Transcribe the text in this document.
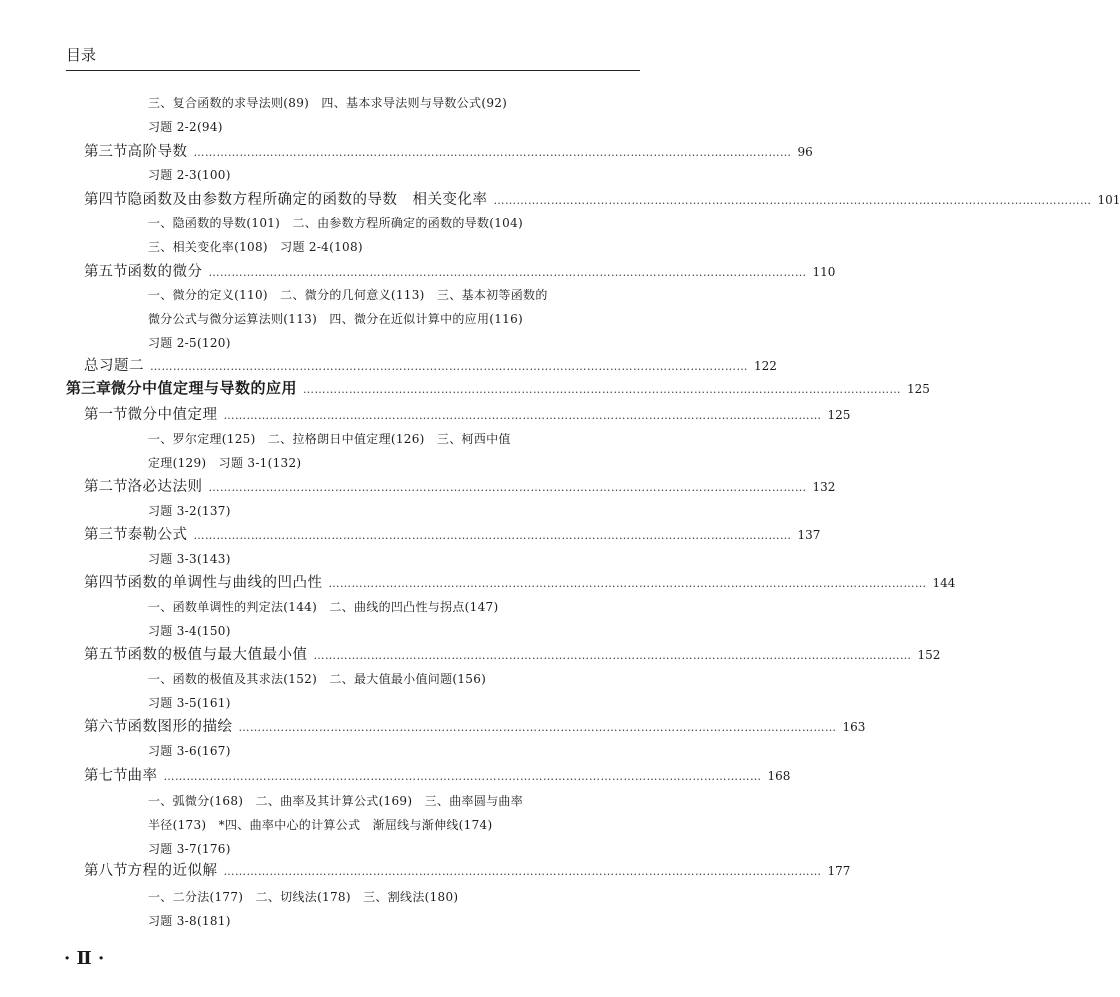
目录
三、复合函数的求导法则(89)　四、基本求导法则与导数公式(92)
习题 2-2(94)
第三节 高阶导数 ………………………………………………………………………………………………………………………………………… 96
习题 2-3(100)
第四节 隐函数及由参数方程所确定的函数的导数　相关变化率 ………………………………………………………………………………………………………………………………………… 101
一、隐函数的导数(101)　二、由参数方程所确定的函数的导数(104)
三、相关变化率(108)　习题 2-4(108)
第五节 函数的微分 ………………………………………………………………………………………………………………………………………… 110
一、微分的定义(110)　二、微分的几何意义(113)　三、基本初等函数的
微分公式与微分运算法则(113)　四、微分在近似计算中的应用(116)
习题 2-5(120)
总习题二 ………………………………………………………………………………………………………………………………………… 122
第三章 微分中值定理与导数的应用 ………………………………………………………………………………………………………………………………………… 125
第一节 微分中值定理 ………………………………………………………………………………………………………………………………………… 125
一、罗尔定理(125)　二、拉格朗日中值定理(126)　三、柯西中值
定理(129)　习题 3-1(132)
第二节 洛必达法则 ………………………………………………………………………………………………………………………………………… 132
习题 3-2(137)
第三节 泰勒公式 ………………………………………………………………………………………………………………………………………… 137
习题 3-3(143)
第四节 函数的单调性与曲线的凹凸性 ………………………………………………………………………………………………………………………………………… 144
一、函数单调性的判定法(144)　二、曲线的凹凸性与拐点(147)
习题 3-4(150)
第五节 函数的极值与最大值最小值 ………………………………………………………………………………………………………………………………………… 152
一、函数的极值及其求法(152)　二、最大值最小值问题(156)
习题 3-5(161)
第六节 函数图形的描绘 ………………………………………………………………………………………………………………………………………… 163
习题 3-6(167)
第七节 曲率 ………………………………………………………………………………………………………………………………………… 168
一、弧微分(168)　二、曲率及其计算公式(169)　三、曲率圆与曲率
半径(173)　*四、曲率中心的计算公式　渐屈线与渐伸线(174)
习题 3-7(176)
第八节 方程的近似解 ………………………………………………………………………………………………………………………………………… 177
一、二分法(177)　二、切线法(178)　三、割线法(180)
习题 3-8(181)
· Ⅱ ·
